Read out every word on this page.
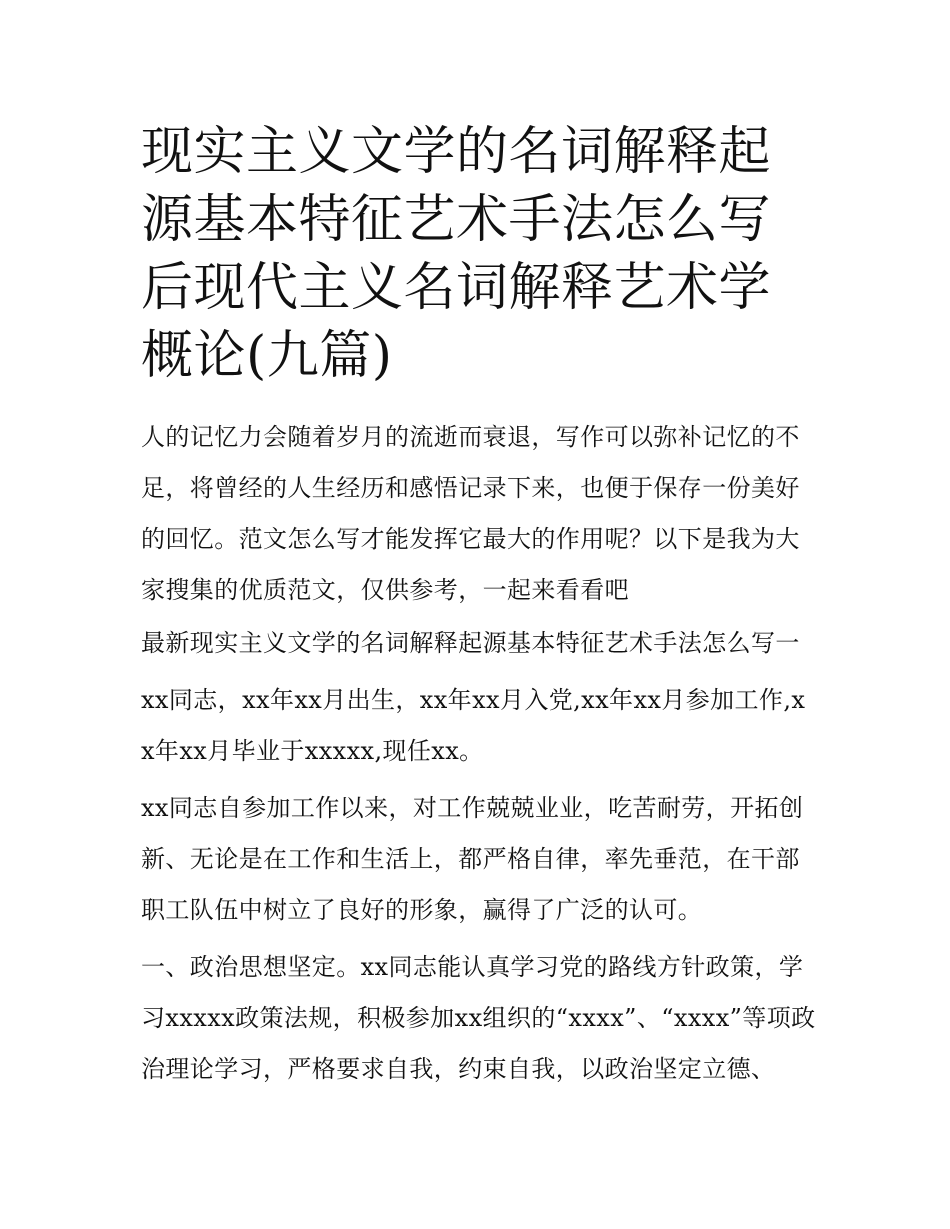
现实主义文学的名词解释起源基本特征艺术手法怎么写 后现代主义名词解释艺术学概论(九篇)

人的记忆力会随着岁月的流逝而衰退，写作可以弥补记忆的不足，将曾经的人生经历和感悟记录下来，也便于保存一份美好的回忆。范文怎么写才能发挥它最大的作用呢？以下是我为大家搜集的优质范文，仅供参考，一起来看看吧

最新现实主义文学的名词解释起源基本特征艺术手法怎么写一

xx同志，xx年xx月出生，xx年xx月入党,xx年xx月参加工作,xx年xx月毕业于xxxxx,现任xx。

xx同志自参加工作以来，对工作兢兢业业，吃苦耐劳，开拓创新、无论是在工作和生活上，都严格自律，率先垂范，在干部职工队伍中树立了良好的形象，赢得了广泛的认可。

一、政治思想坚定。xx同志能认真学习党的路线方针政策，学习xxxxx政策法规，积极参加xx组织的“xxxx”、“xxxx”等项政治理论学习，严格要求自我，约束自我，以政治坚定立德、
